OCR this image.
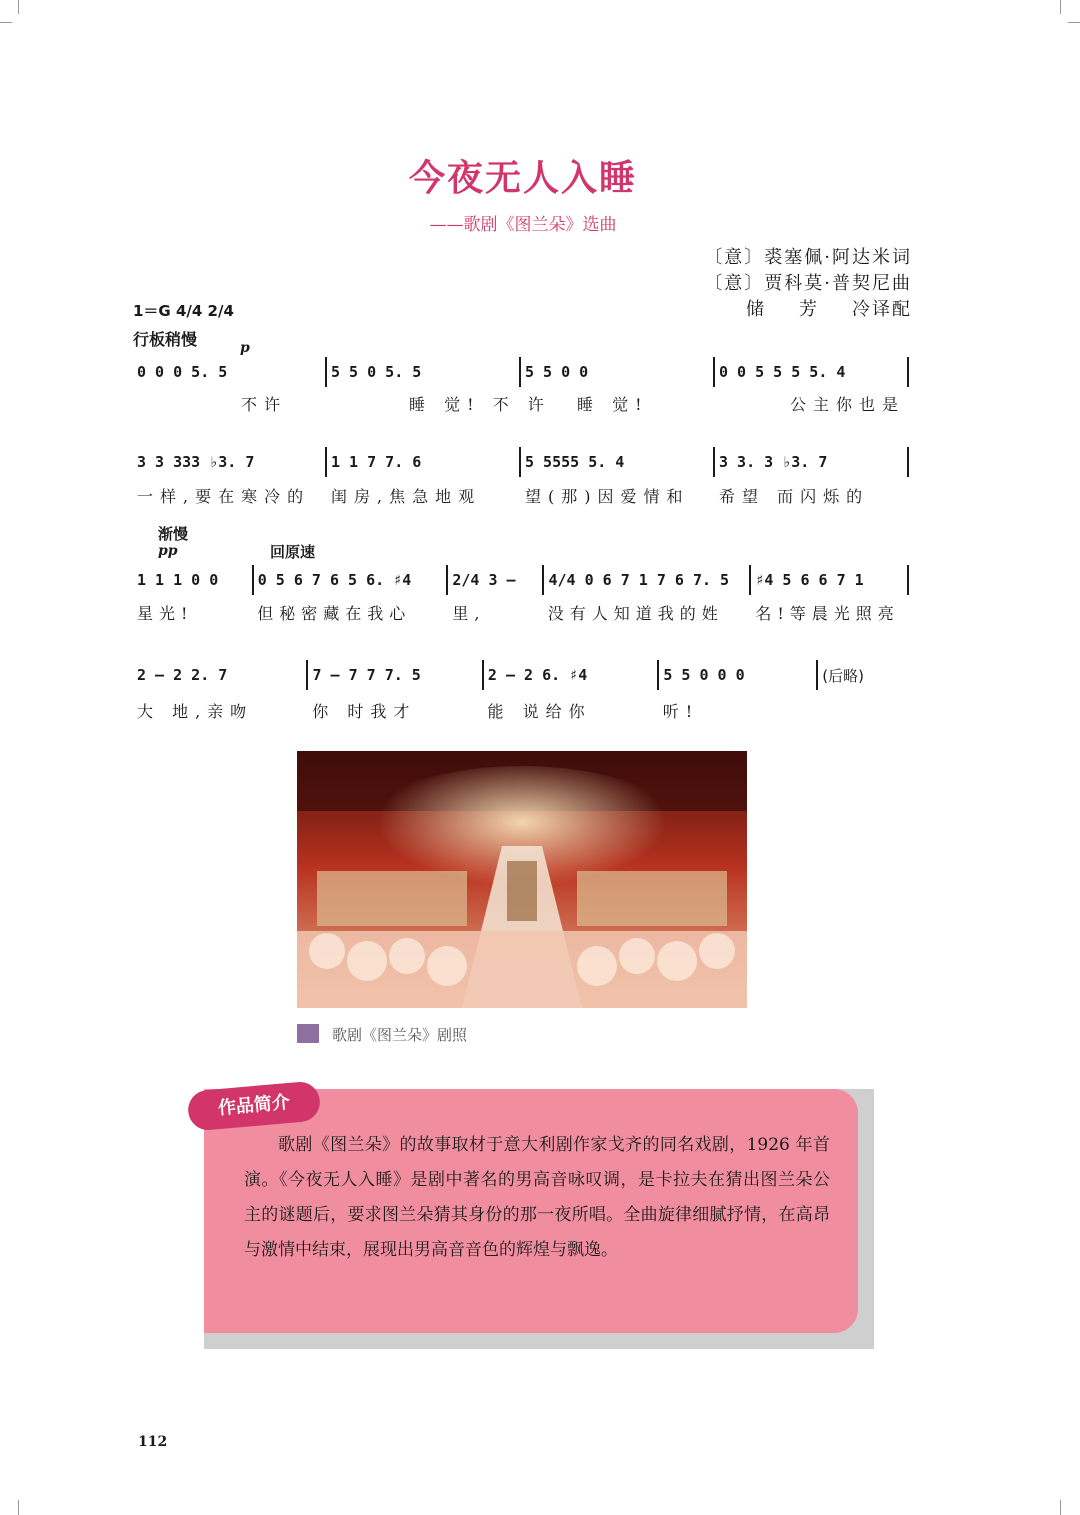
今夜无人入睡
——歌剧《图兰朵》选曲
〔意〕裘塞佩·阿达米词
〔意〕贾科莫·普契尼曲
储 芳 冷译配
1＝G 4/4 2/4
行板稍慢	p
渐慢
pp	回原速
0 0 0 5. 5	5 5 0 5. 5	5 5 0 0	0 0 5 5 5 5. 4
不许	睡 觉! 不 许	睡 觉!	公主你也是
3 3 333 ♭3. 7	1 1 7 7. 6	5 5555 5. 4	3 3. 3 ♭3. 7
一样,要在寒冷的	闺房,焦急地观	望(那)因爱情和	希望 而闪烁的
1 1 1 0 0	0 5 6 7 6 5 6. ♯4	2/4 3 –	4/4 0 6 7 1 7 6 7. 5	♯4 5 6 6 7 1
星光!	但秘密藏在我心	里,	没有人知道我的姓	名!等晨光照亮
2 – 2 2. 7	7 – 7 7 7. 5	2 – 2 6. ♯4	5 5 0 0 0	(后略)
大 地,亲吻	你 时我才	能 说给你	听!
歌剧《图兰朵》剧照
作品简介
歌剧《图兰朵》的故事取材于意大利剧作家戈齐的同名戏剧，1926 年首演。《今夜无人入睡》是剧中著名的男高音咏叹调，是卡拉夫在猜出图兰朵公主的谜题后，要求图兰朵猜其身份的那一夜所唱。全曲旋律细腻抒情，在高昂与激情中结束，展现出男高音音色的辉煌与飘逸。
112
